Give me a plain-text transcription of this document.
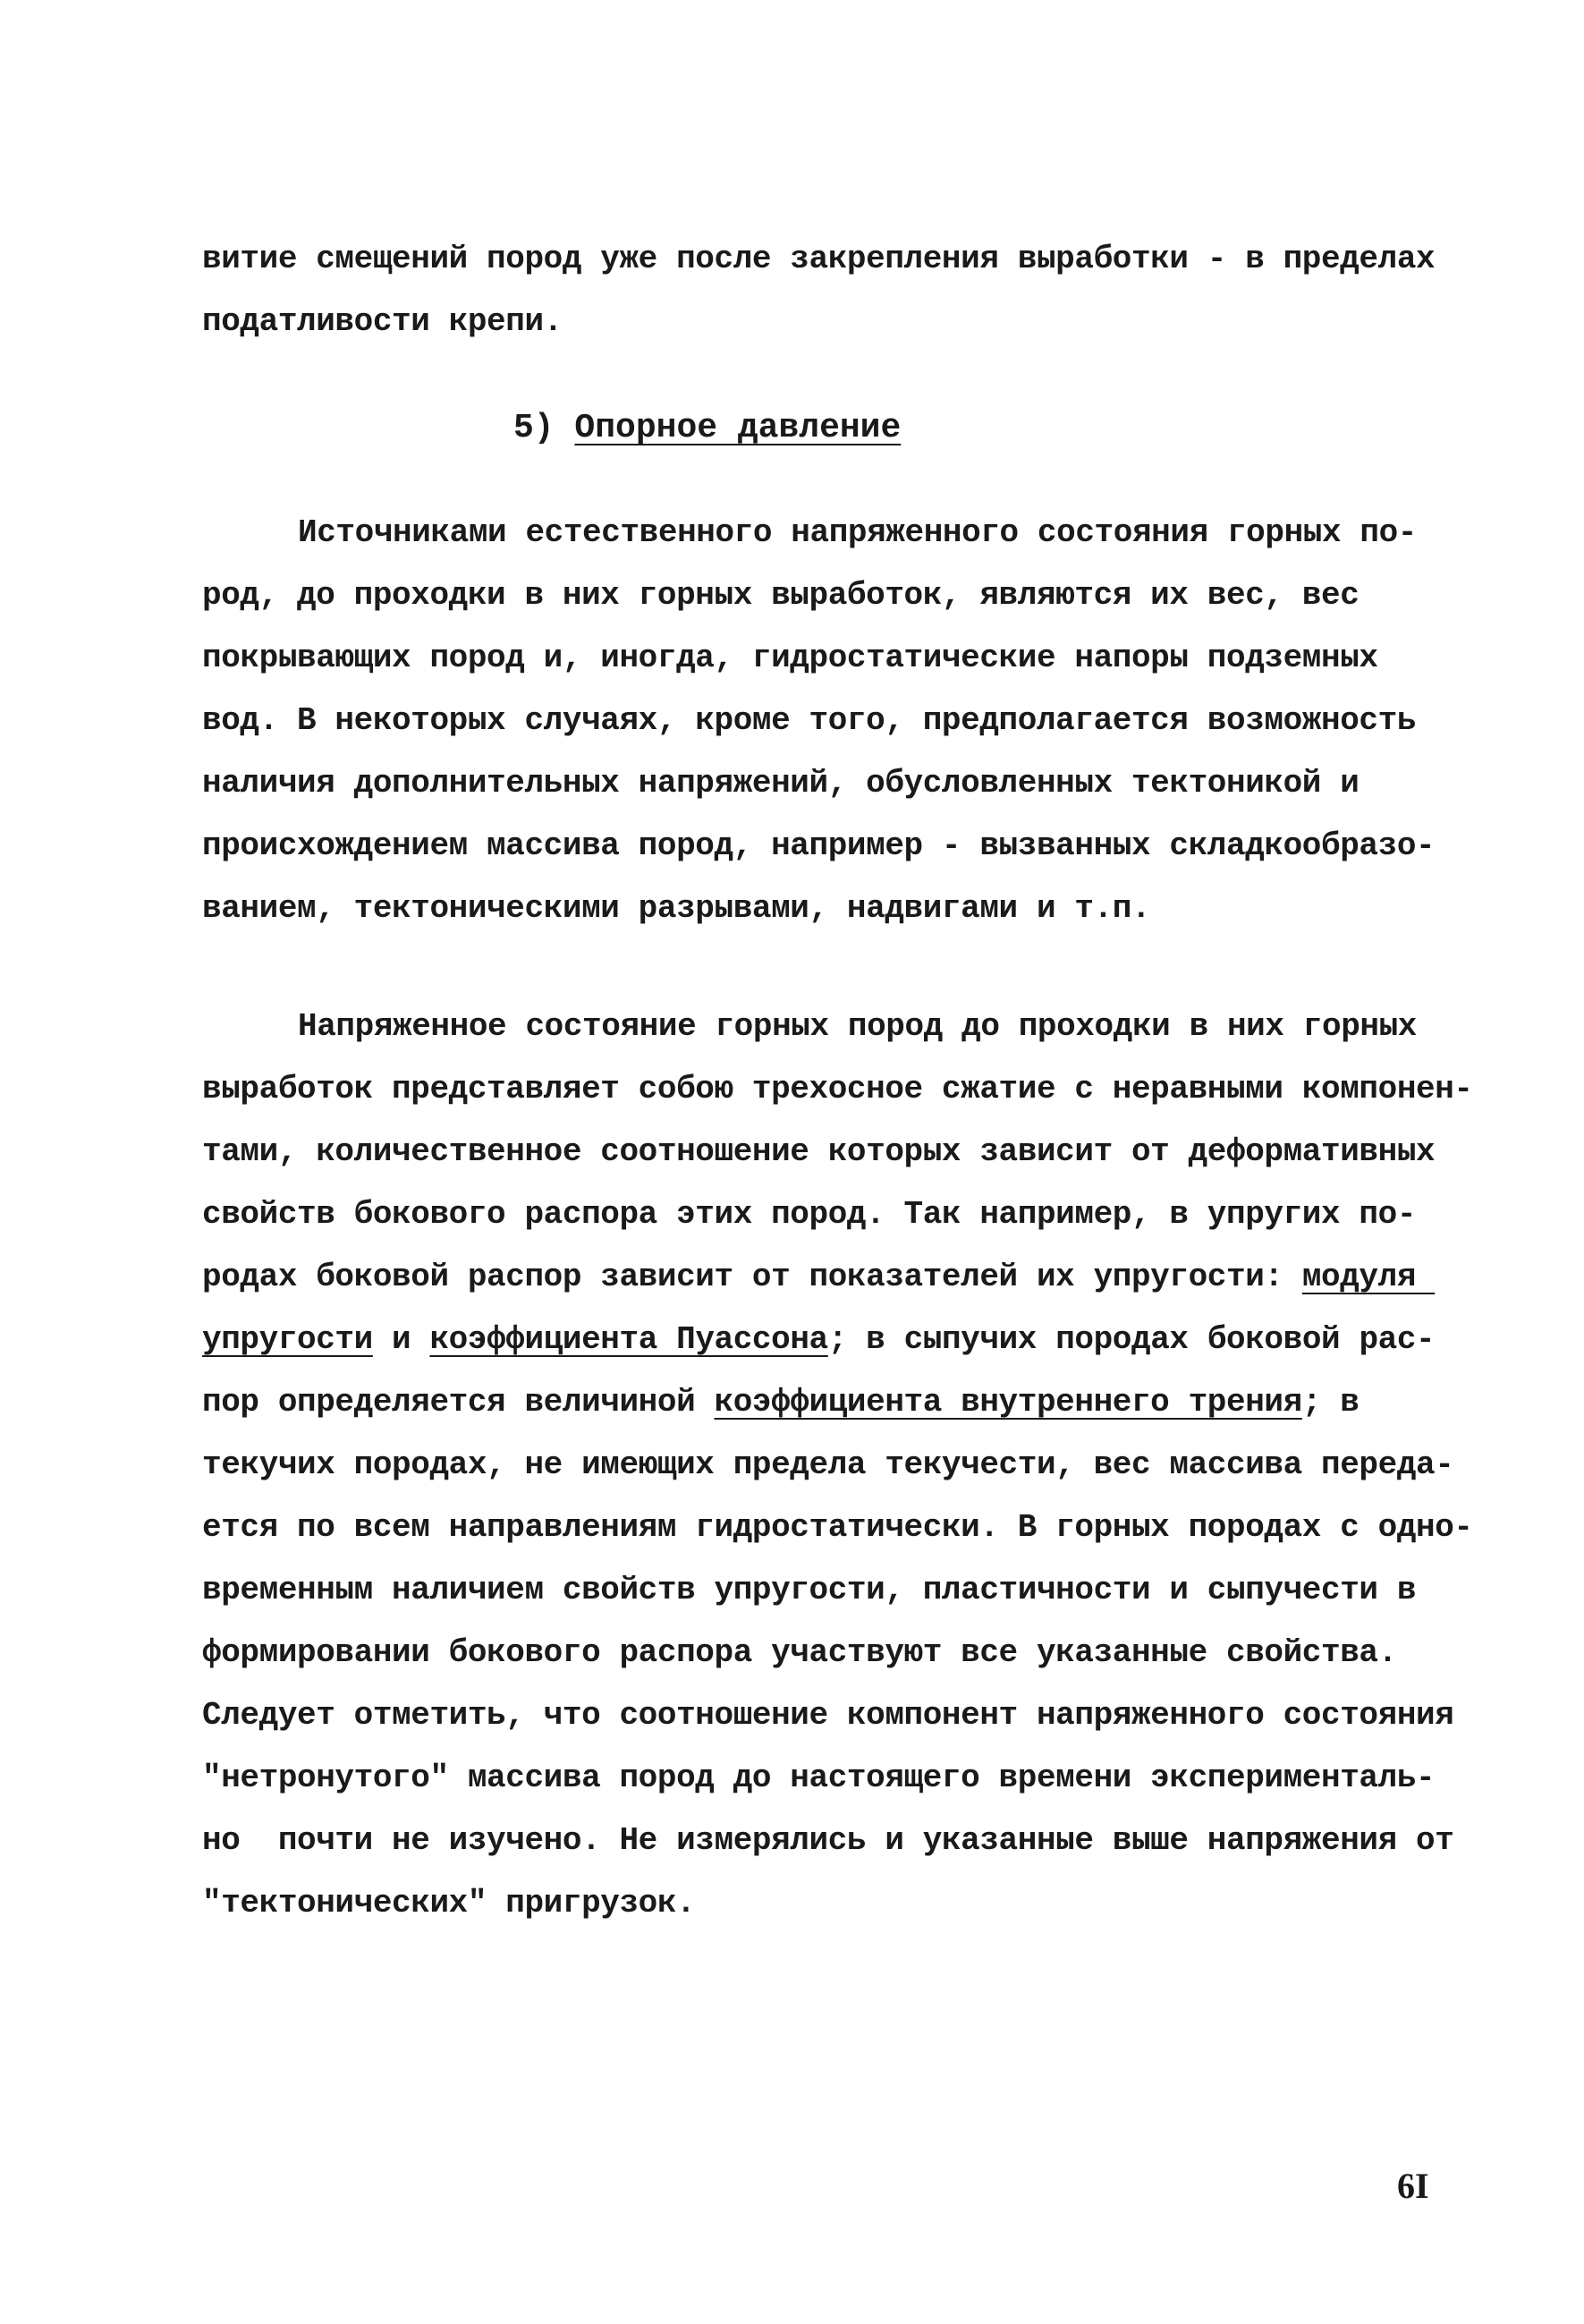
витие смещений пород уже после закрепления выработки - в пределах
податливости крепи.
5) Опорное давление
Источниками естественного напряженного состояния горных по-
род, до проходки в них горных выработок, являются их вес, вес
покрывающих пород и, иногда, гидростатические напоры подземных
вод. В некоторых случаях, кроме того, предполагается возможность
наличия дополнительных напряжений, обусловленных тектоникой и
происхождением массива пород, например - вызванных складкообразо-
ванием, тектоническими разрывами, надвигами и т.п.
Напряженное состояние горных пород до проходки в них горных
выработок представляет собою трехосное сжатие с неравными компонен-
тами, количественное соотношение которых зависит от деформативных
свойств бокового распора этих пород. Так например, в упругих по-
родах боковой распор зависит от показателей их упругости: модуля
упругости и коэффициента Пуассона; в сыпучих породах боковой рас-
пор определяется величиной коэффициента внутреннего трения; в
текучих породах, не имеющих предела текучести, вес массива переда-
ется по всем направлениям гидростатически. В горных породах с одно-
временным наличием свойств упругости, пластичности и сыпучести в
формировании бокового распора участвуют все указанные свойства.
Следует отметить, что соотношение компонент напряженного состояния
"нетронутого" массива пород до настоящего времени эксперименталь-
но  почти не изучено. Не измерялись и указанные выше напряжения от
"тектонических" пригрузок.
6I
